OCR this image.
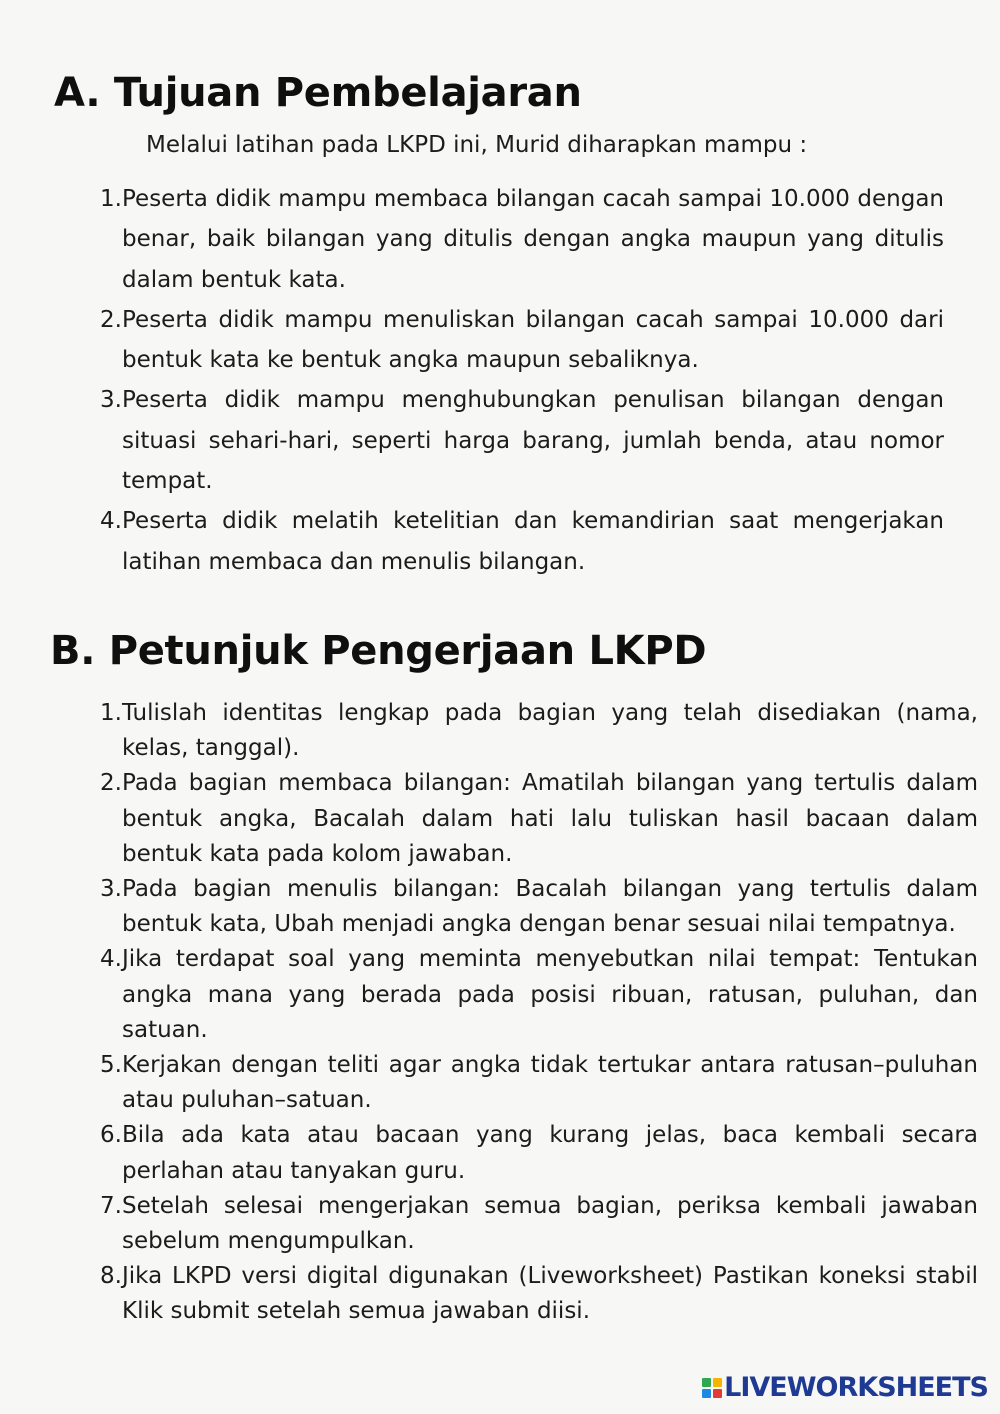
A. Tujuan Pembelajaran

Melalui latihan pada LKPD ini, Murid diharapkan mampu :

1. Peserta didik mampu membaca bilangan cacah sampai 10.000 dengan benar, baik bilangan yang ditulis dengan angka maupun yang ditulis dalam bentuk kata.
2. Peserta didik mampu menuliskan bilangan cacah sampai 10.000 dari bentuk kata ke bentuk angka maupun sebaliknya.
3. Peserta didik mampu menghubungkan penulisan bilangan dengan situasi sehari-hari, seperti harga barang, jumlah benda, atau nomor tempat.
4. Peserta didik melatih ketelitian dan kemandirian saat mengerjakan latihan membaca dan menulis bilangan.
B. Petunjuk Pengerjaan LKPD
1. Tulislah identitas lengkap pada bagian yang telah disediakan (nama, kelas, tanggal).
2. Pada bagian membaca bilangan: Amatilah bilangan yang tertulis dalam bentuk angka, Bacalah dalam hati lalu tuliskan hasil bacaan dalam bentuk kata pada kolom jawaban.
3. Pada bagian menulis bilangan: Bacalah bilangan yang tertulis dalam bentuk kata, Ubah menjadi angka dengan benar sesuai nilai tempatnya.
4. Jika terdapat soal yang meminta menyebutkan nilai tempat: Tentukan angka mana yang berada pada posisi ribuan, ratusan, puluhan, dan satuan.
5. Kerjakan dengan teliti agar angka tidak tertukar antara ratusan–puluhan atau puluhan–satuan.
6. Bila ada kata atau bacaan yang kurang jelas, baca kembali secara perlahan atau tanyakan guru.
7. Setelah selesai mengerjakan semua bagian, periksa kembali jawaban sebelum mengumpulkan.
8. Jika LKPD versi digital digunakan (Liveworksheet) Pastikan koneksi stabil Klik submit setelah semua jawaban diisi.
LIVEWORKSHEETS
